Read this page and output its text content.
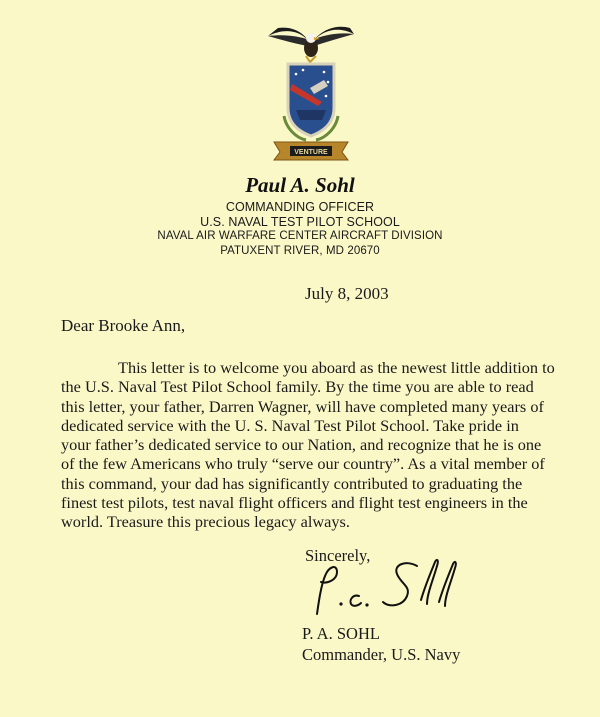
VENTURE
Paul A. Sohl
COMMANDING OFFICER
U.S. NAVAL TEST PILOT SCHOOL
NAVAL AIR WARFARE CENTER AIRCRAFT DIVISION
PATUXENT RIVER, MD 20670
July 8, 2003
Dear Brooke Ann,
This letter is to welcome you aboard as the newest little addition to
the U.S. Naval Test Pilot School family. By the time you are able to read
this letter, your father, Darren Wagner, will have completed many years of
dedicated service with the U. S. Naval Test Pilot School. Take pride in
your father’s dedicated service to our Nation, and recognize that he is one
of the few Americans who truly “serve our country”. As a vital member of
this command, your dad has significantly contributed to graduating the
finest test pilots, test naval flight officers and flight test engineers in the
world. Treasure this precious legacy always.
Sincerely,
P. A. SOHL
Commander, U.S. Navy
